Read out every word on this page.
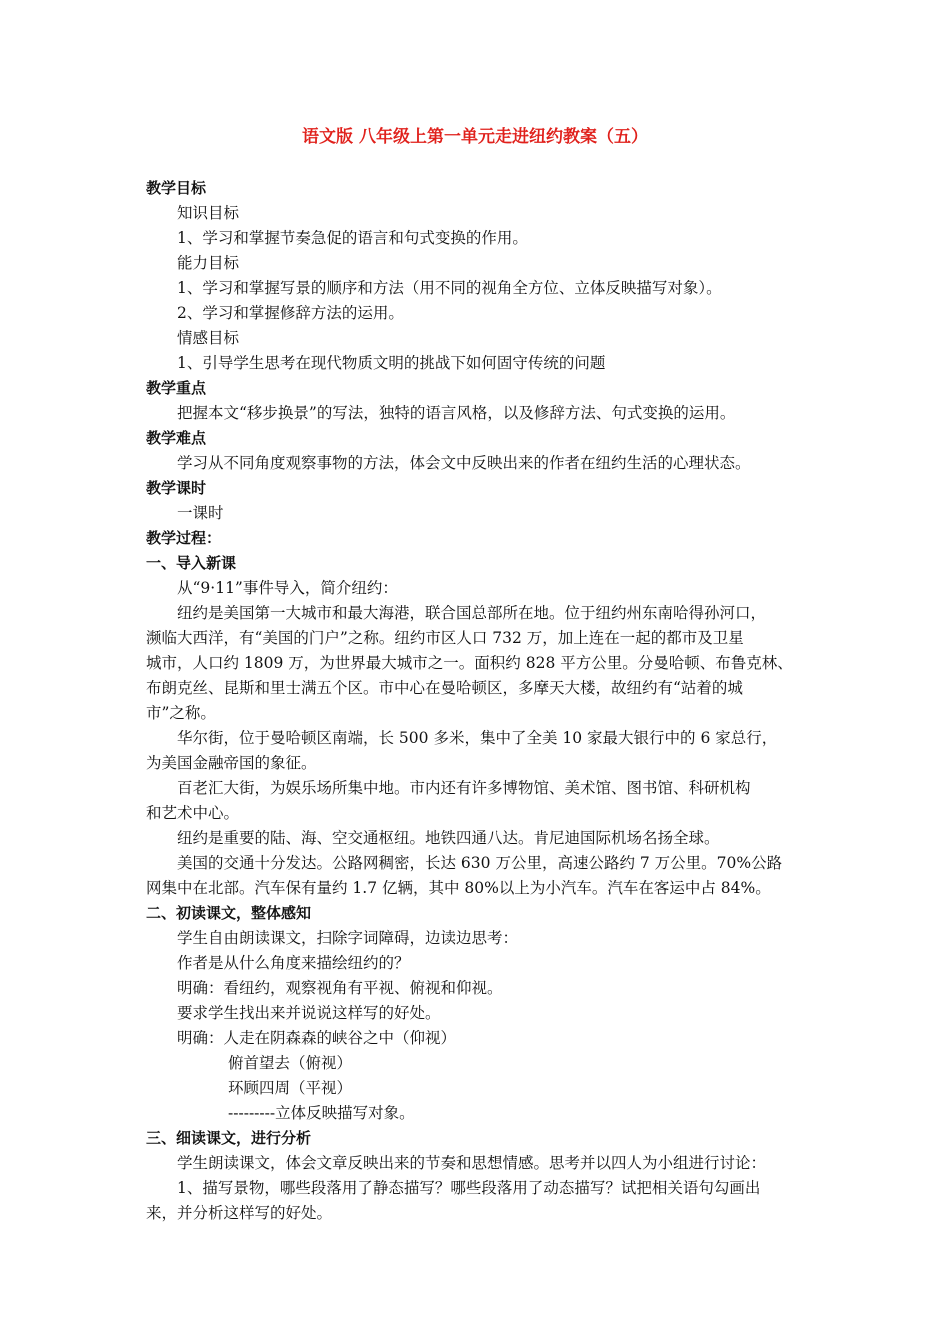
语文版 八年级上第一单元走进纽约教案（五）
教学目标
知识目标
1、学习和掌握节奏急促的语言和句式变换的作用。
能力目标
1、学习和掌握写景的顺序和方法（用不同的视角全方位、立体反映描写对象）。
2、学习和掌握修辞方法的运用。
情感目标
1、引导学生思考在现代物质文明的挑战下如何固守传统的问题
教学重点
把握本文“移步换景”的写法，独特的语言风格，以及修辞方法、句式变换的运用。
教学难点
学习从不同角度观察事物的方法，体会文中反映出来的作者在纽约生活的心理状态。
教学课时
一课时
教学过程：
一、导入新课
从“9·11”事件导入，简介纽约：
纽约是美国第一大城市和最大海港，联合国总部所在地。位于纽约州东南哈得孙河口，
濒临大西洋，有“美国的门户”之称。纽约市区人口 732 万，加上连在一起的都市及卫星
城市，人口约 1809 万，为世界最大城市之一。面积约 828 平方公里。分曼哈顿、布鲁克林、
布朗克丝、昆斯和里士满五个区。市中心在曼哈顿区，多摩天大楼，故纽约有“站着的城
市”之称。
华尔街，位于曼哈顿区南端，长 500 多米，集中了全美 10 家最大银行中的 6 家总行，
为美国金融帝国的象征。
百老汇大街，为娱乐场所集中地。市内还有许多博物馆、美术馆、图书馆、科研机构
和艺术中心。
纽约是重要的陆、海、空交通枢纽。地铁四通八达。肯尼迪国际机场名扬全球。
美国的交通十分发达。公路网稠密，长达 630 万公里，高速公路约 7 万公里。70%公路
网集中在北部。汽车保有量约 1.7 亿辆，其中 80%以上为小汽车。汽车在客运中占 84%。
二、初读课文，整体感知
学生自由朗读课文，扫除字词障碍，边读边思考：
作者是从什么角度来描绘纽约的？
明确：看纽约，观察视角有平视、俯视和仰视。
要求学生找出来并说说这样写的好处。
明确：人走在阴森森的峡谷之中（仰视）
俯首望去（俯视）
环顾四周（平视）
---------立体反映描写对象。
三、细读课文，进行分析
学生朗读课文，体会文章反映出来的节奏和思想情感。思考并以四人为小组进行讨论：
1、描写景物，哪些段落用了静态描写？哪些段落用了动态描写？试把相关语句勾画出
来，并分析这样写的好处。
